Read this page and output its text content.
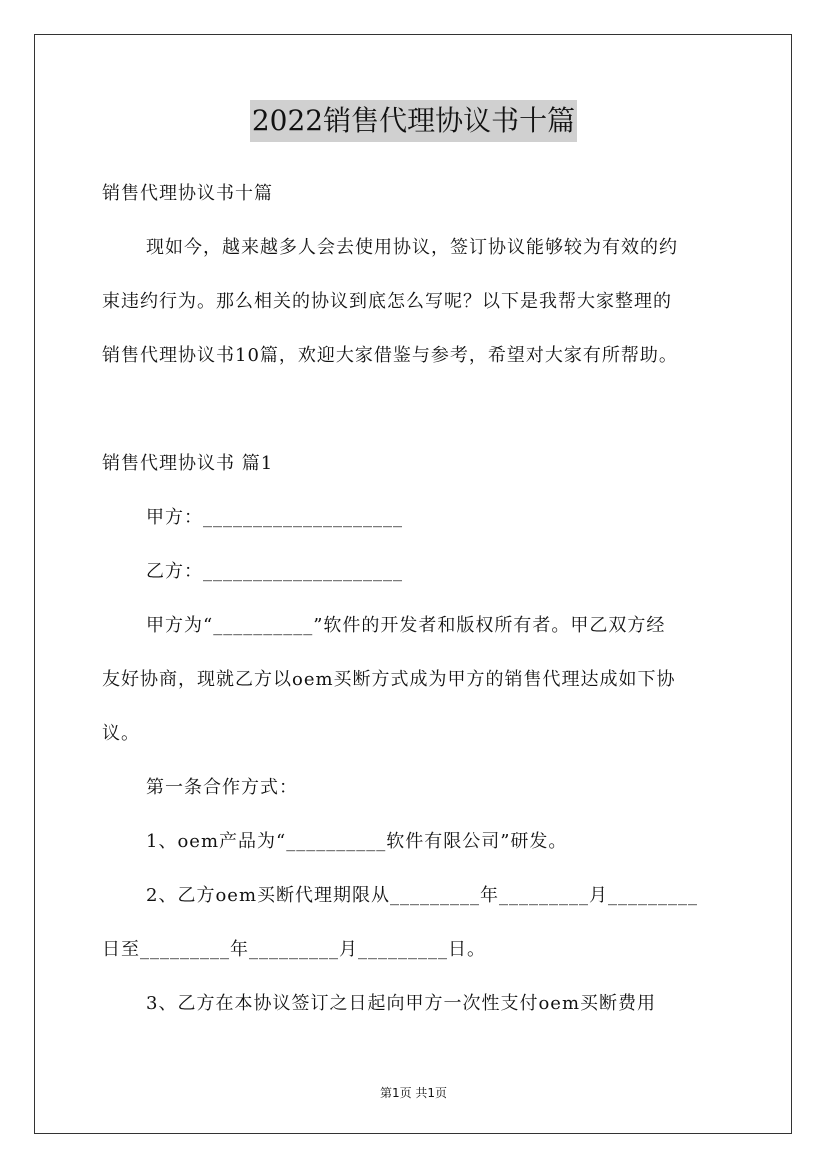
2022销售代理协议书十篇
销售代理协议书十篇
现如今，越来越多人会去使用协议，签订协议能够较为有效的约
束违约行为。那么相关的协议到底怎么写呢？以下是我帮大家整理的
销售代理协议书10篇，欢迎大家借鉴与参考，希望对大家有所帮助。
销售代理协议书 篇1
甲方：____________________
乙方：____________________
甲方为“__________”软件的开发者和版权所有者。甲乙双方经
友好协商，现就乙方以oem买断方式成为甲方的销售代理达成如下协
议。
第一条合作方式：
1、oem产品为“__________软件有限公司”研发。
2、乙方oem买断代理期限从_________年_________月_________
日至_________年_________月_________日。
3、乙方在本协议签订之日起向甲方一次性支付oem买断费用
第1页 共1页
